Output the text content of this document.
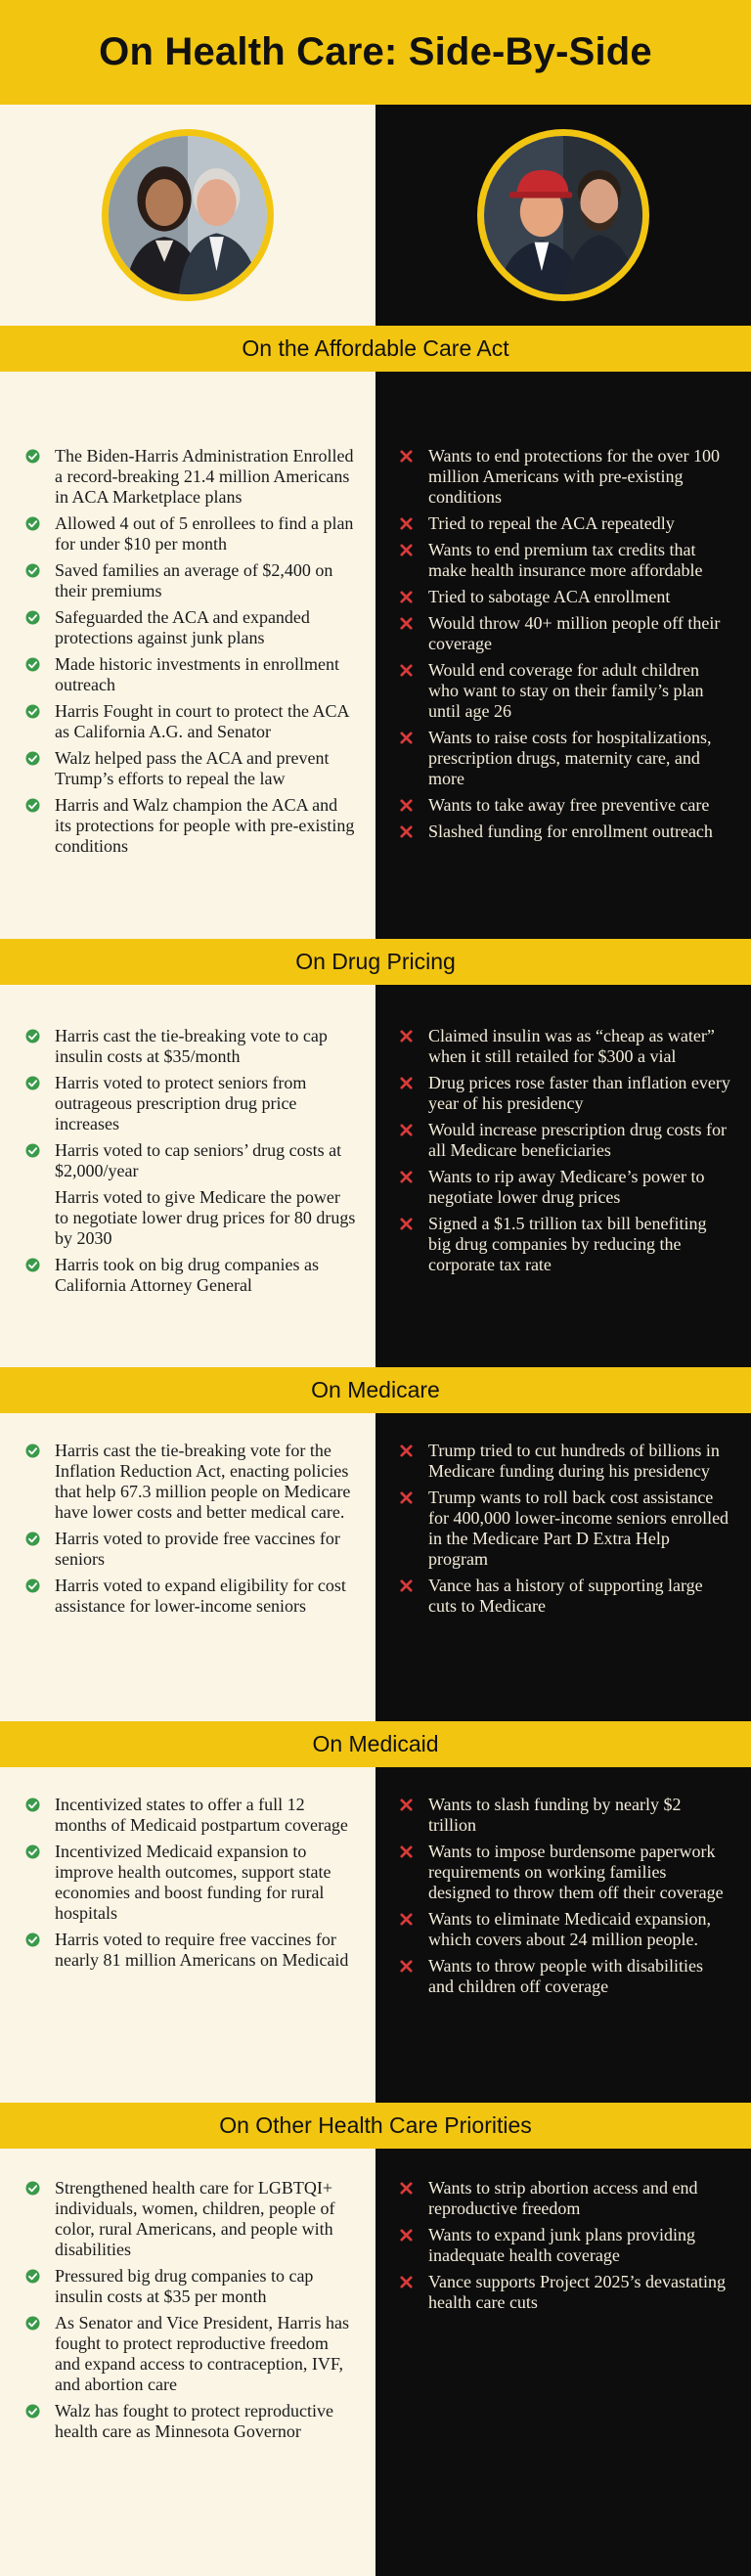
On Health Care: Side-By-Side
On the Affordable Care Act
The Biden-Harris Administration Enrolled a record-breaking 21.4 million Americans in ACA Marketplace plans
Allowed 4 out of 5 enrollees to find a plan for under $10 per month
Saved families an average of $2,400 on their premiums
Safeguarded the ACA and expanded protections against junk plans
Made historic investments in enrollment outreach
Harris Fought in court to protect the ACA as California A.G. and Senator
Walz helped pass the ACA and prevent Trump’s efforts to repeal the law
Harris and Walz champion the ACA and its protections for people with pre-existing conditions
Wants to end protections for the over 100 million Americans with pre-existing conditions
Tried to repeal the ACA repeatedly
Wants to end premium tax credits that make health insurance more affordable
Tried to sabotage ACA enrollment
Would throw 40+ million people off their coverage
Would end coverage for adult children who want to stay on their family’s plan until age 26
Wants to raise costs for hospitalizations, prescription drugs, maternity care, and more
Wants to take away free preventive care
Slashed funding for enrollment outreach
On Drug Pricing
Harris cast the tie-breaking vote to cap insulin costs at $35/month
Harris voted to protect seniors from outrageous prescription drug price increases
Harris voted to cap seniors’ drug costs at $2,000/year
Harris voted to give Medicare the power to negotiate lower drug prices for 80 drugs by 2030
Harris took on big drug companies as California Attorney General
Claimed insulin was as “cheap as water” when it still retailed for $300 a vial
Drug prices rose faster than inflation every year of his presidency
Would increase prescription drug costs for all Medicare beneficiaries
Wants to rip away Medicare’s power to negotiate lower drug prices
Signed a $1.5 trillion tax bill benefiting big drug companies by reducing the corporate tax rate
On Medicare
Harris cast the tie-breaking vote for the Inflation Reduction Act, enacting policies that help 67.3 million people on Medicare have lower costs and better medical care.
Harris voted to provide free vaccines for seniors
Harris voted to expand eligibility for cost assistance for lower-income seniors
Trump tried to cut hundreds of billions in Medicare funding during his presidency
Trump wants to roll back cost assistance for 400,000 lower-income seniors enrolled in the Medicare Part D Extra Help program
Vance has a history of supporting large cuts to Medicare
On Medicaid
Incentivized states to offer a full 12 months of Medicaid postpartum coverage
Incentivized Medicaid expansion to improve health outcomes, support state economies and boost funding for rural hospitals
Harris voted to require free vaccines for nearly 81 million Americans on Medicaid
Wants to slash funding by nearly $2 trillion
Wants to impose burdensome paperwork requirements on working families designed to throw them off their coverage
Wants to eliminate Medicaid expansion, which covers about 24 million people.
Wants to throw people with disabilities and children off coverage
On Other Health Care Priorities
Strengthened health care for LGBTQI+ individuals, women, children, people of color, rural Americans, and people with disabilities
Pressured big drug companies to cap insulin costs at $35 per month
As Senator and Vice President, Harris has fought to protect reproductive freedom and expand access to contraception, IVF, and abortion care
Walz has fought to protect reproductive health care as Minnesota Governor
Wants to strip abortion access and end reproductive freedom
Wants to expand junk plans providing inadequate health coverage
Vance supports Project 2025’s devastating health care cuts
